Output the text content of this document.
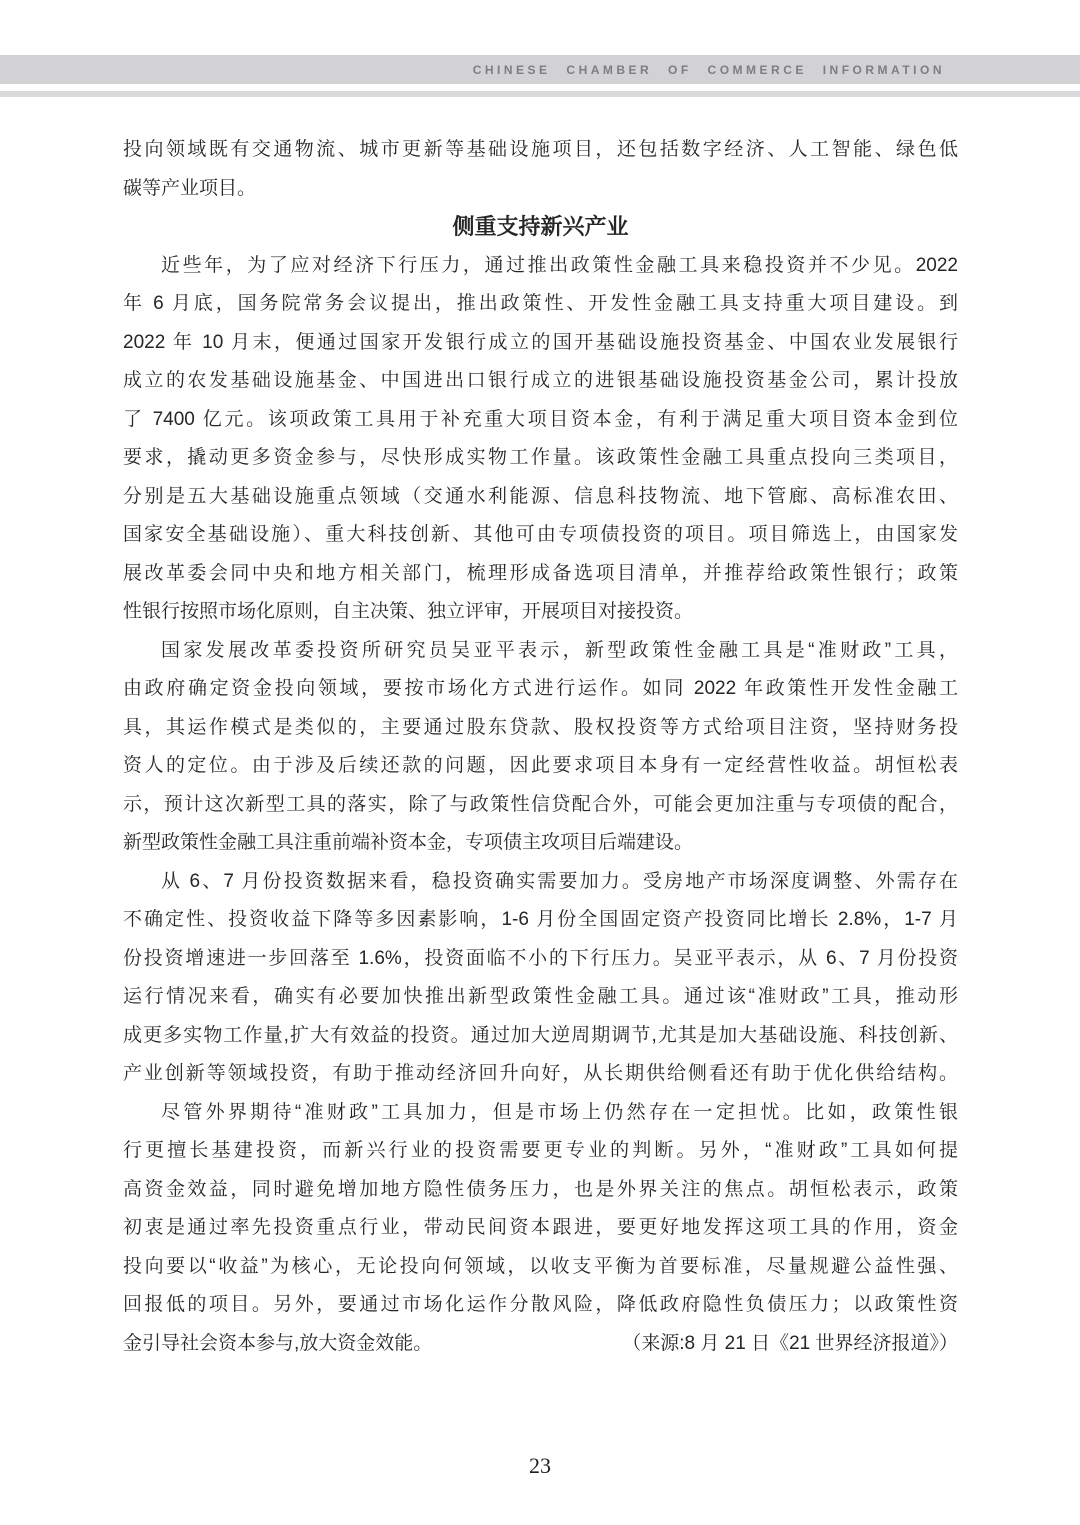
CHINESE CHAMBER OF COMMERCE INFORMATION
投向领域既有交通物流、城市更新等基础设施项目，还包括数字经济、人工智能、绿色低
碳等产业项目。
侧重支持新兴产业
近些年，为了应对经济下行压力，通过推出政策性金融工具来稳投资并不少见。2022
年 6 月底，国务院常务会议提出，推出政策性、开发性金融工具支持重大项目建设。到
2022 年 10 月末，便通过国家开发银行成立的国开基础设施投资基金、中国农业发展银行
成立的农发基础设施基金、中国进出口银行成立的进银基础设施投资基金公司，累计投放
了 7400 亿元。该项政策工具用于补充重大项目资本金，有利于满足重大项目资本金到位
要求，撬动更多资金参与，尽快形成实物工作量。该政策性金融工具重点投向三类项目，
分别是五大基础设施重点领域（交通水利能源、信息科技物流、地下管廊、高标准农田、
国家安全基础设施）、重大科技创新、其他可由专项债投资的项目。项目筛选上，由国家发
展改革委会同中央和地方相关部门，梳理形成备选项目清单，并推荐给政策性银行；政策
性银行按照市场化原则，自主决策、独立评审，开展项目对接投资。
国家发展改革委投资所研究员吴亚平表示，新型政策性金融工具是“准财政”工具，
由政府确定资金投向领域，要按市场化方式进行运作。如同 2022 年政策性开发性金融工
具，其运作模式是类似的，主要通过股东贷款、股权投资等方式给项目注资，坚持财务投
资人的定位。由于涉及后续还款的问题，因此要求项目本身有一定经营性收益。胡恒松表
示，预计这次新型工具的落实，除了与政策性信贷配合外，可能会更加注重与专项债的配合，
新型政策性金融工具注重前端补资本金，专项债主攻项目后端建设。
从 6、7 月份投资数据来看，稳投资确实需要加力。受房地产市场深度调整、外需存在
不确定性、投资收益下降等多因素影响，1-6 月份全国固定资产投资同比增长 2.8%，1-7 月
份投资增速进一步回落至 1.6%，投资面临不小的下行压力。吴亚平表示，从 6、7 月份投资
运行情况来看，确实有必要加快推出新型政策性金融工具。通过该“准财政”工具，推动形
成更多实物工作量,扩大有效益的投资。通过加大逆周期调节,尤其是加大基础设施、科技创新、
产业创新等领域投资，有助于推动经济回升向好，从长期供给侧看还有助于优化供给结构。
尽管外界期待“准财政”工具加力，但是市场上仍然存在一定担忧。比如，政策性银
行更擅长基建投资，而新兴行业的投资需要更专业的判断。另外，“准财政”工具如何提
高资金效益，同时避免增加地方隐性债务压力，也是外界关注的焦点。胡恒松表示，政策
初衷是通过率先投资重点行业，带动民间资本跟进，要更好地发挥这项工具的作用，资金
投向要以“收益”为核心，无论投向何领域，以收支平衡为首要标准，尽量规避公益性强、
回报低的项目。另外，要通过市场化运作分散风险，降低政府隐性负债压力；以政策性资
金引导社会资本参与,放大资金效能。	（来源:8 月 21 日《21 世界经济报道》）
23
